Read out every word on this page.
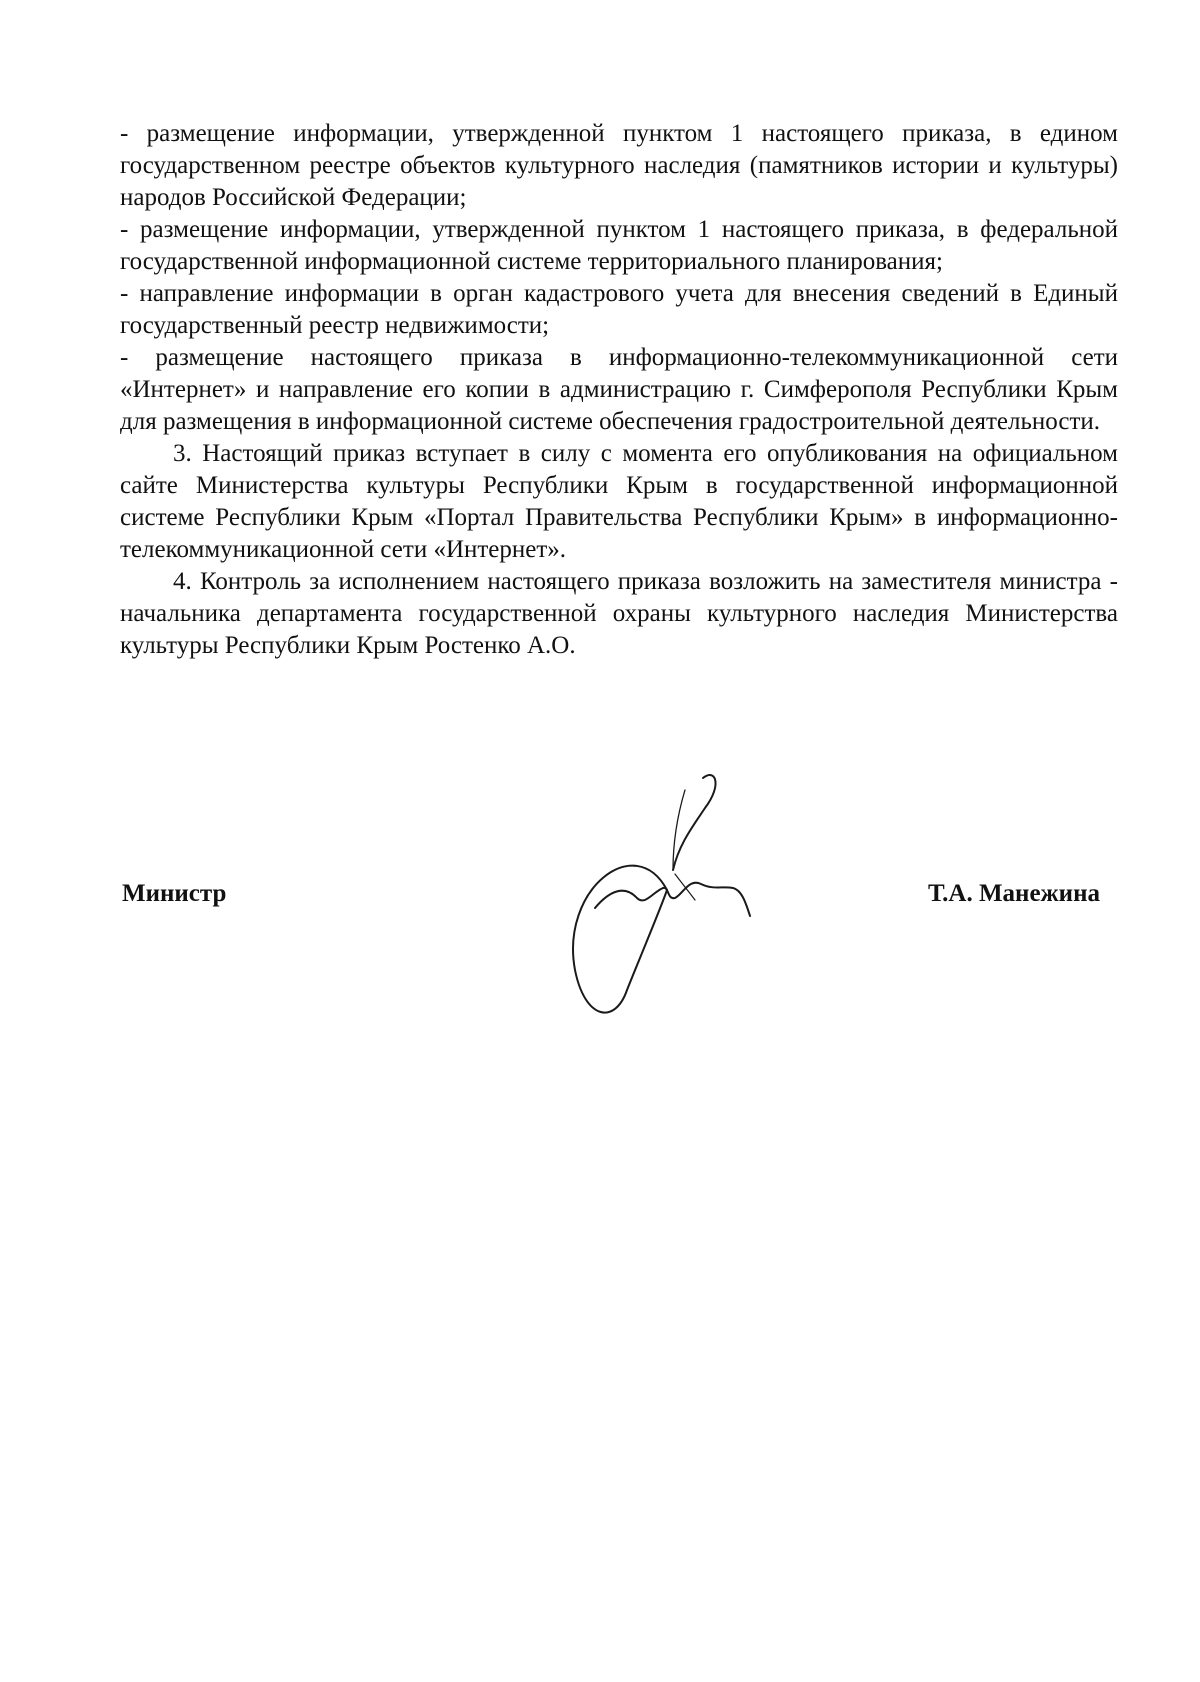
- размещение информации, утвержденной пунктом 1 настоящего приказа, в едином государственном реестре объектов культурного наследия (памятников истории и культуры) народов Российской Федерации;

- размещение информации, утвержденной пунктом 1 настоящего приказа, в федеральной государственной информационной системе территориального планирования;

- направление информации в орган кадастрового учета для внесения сведений в Единый государственный реестр недвижимости;

- размещение настоящего приказа в информационно-телекоммуникационной сети «Интернет» и направление его копии в администрацию г. Симферополя Республики Крым для размещения в информационной системе обеспечения градостроительной деятельности.

3. Настоящий приказ вступает в силу с момента его опубликования на официальном сайте Министерства культуры Республики Крым в государственной информационной системе Республики Крым «Портал Правительства Республики Крым» в информационно-телекоммуникационной сети «Интернет».

4. Контроль за исполнением настоящего приказа возложить на заместителя министра - начальника департамента государственной охраны культурного наследия Министерства культуры Республики Крым Ростенко А.О.

Министр	Т.А. Манежина
